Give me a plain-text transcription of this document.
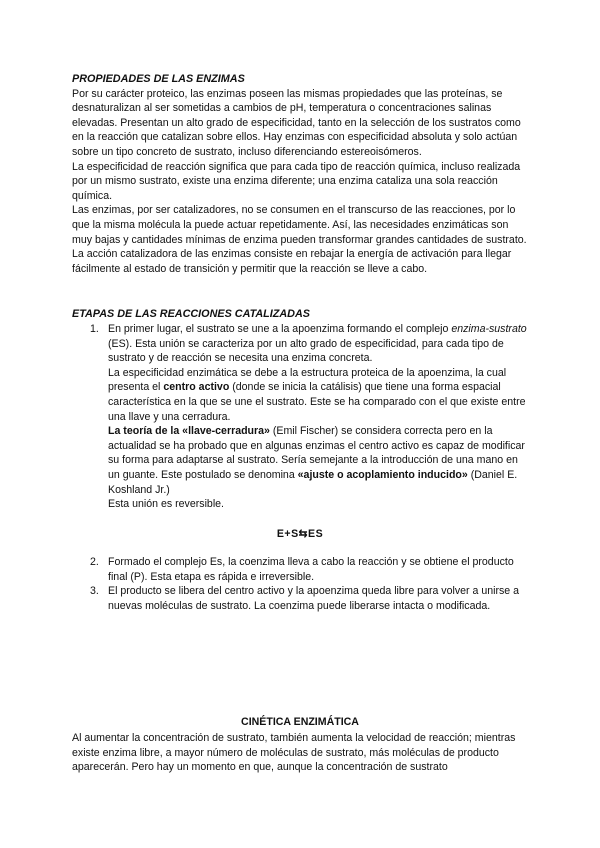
PROPIEDADES DE LAS ENZIMAS

Por su carácter proteico, las enzimas poseen las mismas propiedades que las proteínas, se desnaturalizan al ser sometidas a cambios de pH, temperatura o concentraciones salinas elevadas. Presentan un alto grado de especificidad, tanto en la selección de los sustratos como en la reacción que catalizan sobre ellos. Hay enzimas con especificidad absoluta y solo actúan sobre un tipo concreto de sustrato, incluso diferenciando estereoisómeros.

La especificidad de reacción significa que para cada tipo de reacción química, incluso realizada por un mismo sustrato, existe una enzima diferente; una enzima cataliza una sola reacción química.

Las enzimas, por ser catalizadores, no se consumen en el transcurso de las reacciones, por lo que la misma molécula la puede actuar repetidamente. Así, las necesidades enzimáticas son muy bajas y cantidades mínimas de enzima pueden transformar grandes cantidades de sustrato.

La acción catalizadora de las enzimas consiste en rebajar la energía de activación para llegar fácilmente al estado de transición y permitir que la reacción se lleve a cabo.

ETAPAS DE LAS REACCIONES CATALIZADAS

1. En primer lugar, el sustrato se une a la apoenzima formando el complejo enzima-sustrato (ES). Esta unión se caracteriza por un alto grado de especificidad, para cada tipo de sustrato y de reacción se necesita una enzima concreta.

La especificidad enzimática se debe a la estructura proteica de la apoenzima, la cual presenta el centro activo (donde se inicia la catálisis) que tiene una forma espacial característica en la que se une el sustrato. Este se ha comparado con el que existe entre una llave y una cerradura.

La teoría de la «llave-cerradura» (Emil Fischer) se considera correcta pero en la actualidad se ha probado que en algunas enzimas el centro activo es capaz de modificar su forma para adaptarse al sustrato. Sería semejante a la introducción de una mano en un guante. Este postulado se denomina «ajuste o acoplamiento inducido» (Daniel E. Koshland Jr.)

Esta unión es reversible.

E+S⇆ES
2. Formado el complejo Es, la coenzima lleva a cabo la reacción y se obtiene el producto final (P). Esta etapa es rápida e irreversible.

3. El producto se libera del centro activo y la apoenzima queda libre para volver a unirse a nuevas moléculas de sustrato. La coenzima puede liberarse intacta o modificada.

CINÉTICA ENZIMÁTICA

Al aumentar la concentración de sustrato, también aumenta la velocidad de reacción; mientras existe enzima libre, a mayor número de moléculas de sustrato, más moléculas de producto aparecerán. Pero hay un momento en que, aunque la concentración de sustrato
